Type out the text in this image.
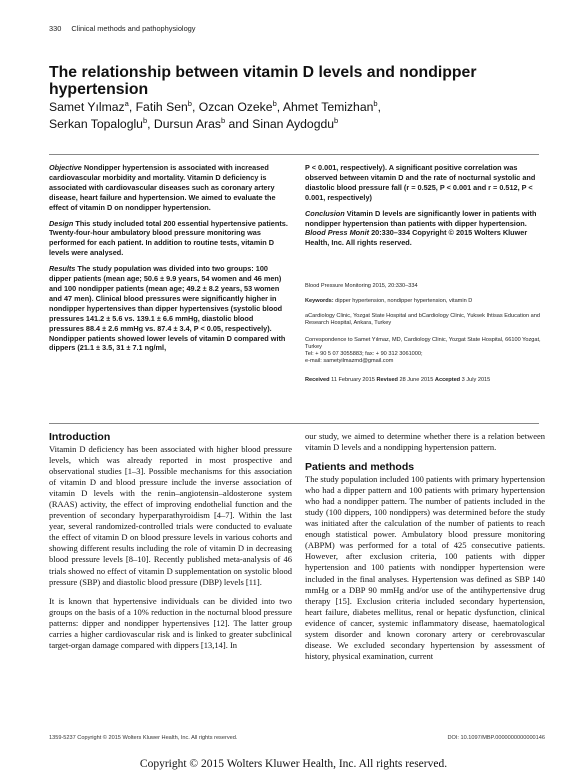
330 Clinical methods and pathophysiology
The relationship between vitamin D levels and nondipper hypertension
Samet Yılmaz$^a$, Fatih Sen$^b$, Ozcan Ozeke$^b$, Ahmet Temizhan$^b$,
Serkan Topaloglu$^b$, Dursun Aras$^b$ and Sinan Aydogdu$^b$

Objective Nondipper hypertension is associated with increased cardiovascular morbidity and mortality. Vitamin D deficiency is associated with cardiovascular diseases such as coronary artery disease, heart failure and hypertension. We aimed to evaluate the effect of vitamin D on nondipper hypertension.

Design This study included total 200 essential hypertensive patients. Twenty-four-hour ambulatory blood pressure monitoring was performed for each patient. In addition to routine tests, vitamin D levels were analysed.

Results The study population was divided into two groups: 100 dipper patients (mean age; 50.6 ± 9.9 years, 54 women and 46 men) and 100 nondipper patients (mean age; 49.2 ± 8.2 years, 53 women and 47 men). Clinical blood pressures were significantly higher in nondipper hypertensives than dipper hypertensives (systolic blood pressures 141.2 ± 5.6 vs. 139.1 ± 6.6 mmHg, diastolic blood pressures 88.4 ± 2.6 mmHg vs. 87.4 ± 3.4, P < 0.05, respectively). Nondipper patients showed lower levels of vitamin D compared with dippers (21.1 ± 3.5, 31 ± 7.1 ng/ml,

P < 0.001, respectively). A significant positive correlation was observed between vitamin D and the rate of nocturnal systolic and diastolic blood pressure fall (r = 0.525, P < 0.001 and r = 0.512, P < 0.001, respectively)

Conclusion Vitamin D levels are significantly lower in patients with nondipper hypertension than patients with dipper hypertension. Blood Press Monit 20:330–334 Copyright © 2015 Wolters Kluwer Health, Inc. All rights reserved.

Blood Pressure Monitoring 2015, 20:330–334
Keywords: dipper hypertension, nondipper hypertension, vitamin D
aCardiology Clinic, Yozgat State Hospital and bCardiology Clinic, Yuksek Ihtisas Education and Research Hospital, Ankara, Turkey
Correspondence to Samet Yılmaz, MD, Cardiology Clinic, Yozgat State Hospital, 66100 Yozgat, Turkey
Tel: + 90 5 07 3055883; fax: + 90 312 3061000;
e-mail: sametyilmazmd@gmail.com
Received 11 February 2015 Revised 28 June 2015 Accepted 3 July 2015
Introduction

Vitamin D deficiency has been associated with higher blood pressure levels, which was already reported in most prospective and observational studies [1–3]. Possible mechanisms for this association of vitamin D and blood pressure include the inverse association of vitamin D levels with the renin–angiotensin–aldosterone system (RAAS) activity, the effect of improving endothelial function and the prevention of secondary hyperparathyroidism [4–7]. Within the last year, several randomized-controlled trials were conducted to evaluate the effect of vitamin D on blood pressure levels in various cohorts and showing different results including the role of vitamin D in decreasing blood pressure levels [8–10]. Recently published meta-analysis of 46 trials showed no effect of vitamin D supplementation on systolic blood pressure (SBP) and diastolic blood pressure (DBP) levels [11].

It is known that hypertensive individuals can be divided into two groups on the basis of a 10% reduction in the nocturnal blood pressure patterns: dipper and nondipper hypertensives [12]. The latter group carries a higher cardiovascular risk and is linked to greater subclinical target-organ damage compared with dippers [13,14]. In

our study, we aimed to determine whether there is a relation between vitamin D levels and a nondipping hypertension pattern.

Patients and methods

The study population included 100 patients with primary hypertension who had a dipper pattern and 100 patients with primary hypertension who had a nondipper pattern. The number of patients included in the study (100 dippers, 100 nondippers) was determined before the study was initiated after the calculation of the number of patients to reach enough statistical power. Ambulatory blood pressure monitoring (ABPM) was performed for a total of 425 consecutive patients. However, after exclusion criteria, 100 patients with dipper hypertension and 100 patients with nondipper hypertension were included in the final analyses. Hypertension was defined as SBP 140 mmHg or a DBP 90 mmHg and/or use of the antihypertensive drug therapy [15]. Exclusion criteria included secondary hypertension, heart failure, diabetes mellitus, renal or hepatic dysfunction, clinical evidence of cancer, systemic inflammatory disease, haematological system disorder and known coronary artery or cerebrovascular disease. We excluded secondary hypertension by assessment of history, physical examination, current

1359-5237 Copyright © 2015 Wolters Kluwer Health, Inc. All rights reserved.	DOI: 10.1097/MBP.0000000000000146
Copyright © 2015 Wolters Kluwer Health, Inc. All rights reserved.
